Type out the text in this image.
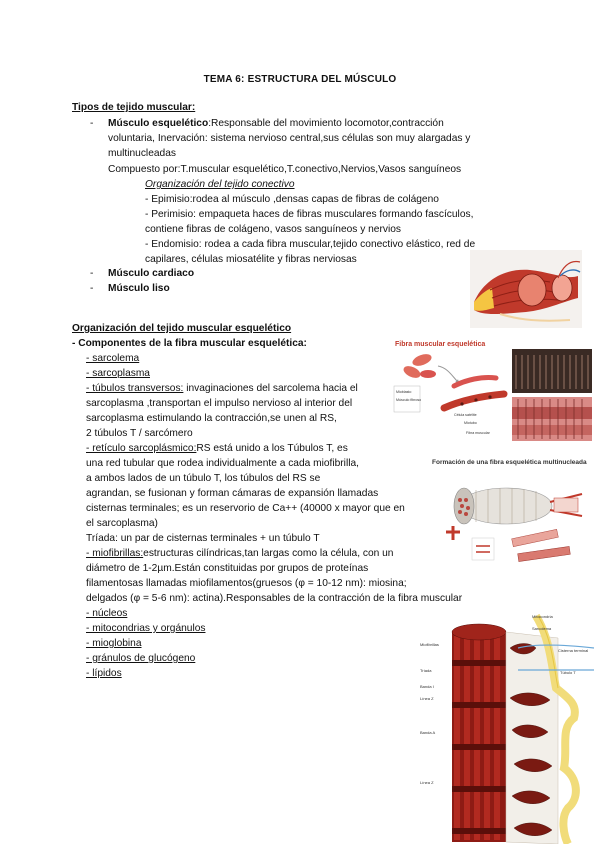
TEMA 6: ESTRUCTURA DEL MÚSCULO

Tipos de tejido muscular:

-	Músculo esquelético:Responsable del movimiento locomotor,contracción

voluntaria, Inervación: sistema nervioso central,sus células son muy alargadas y

multinucleadas

Compuesto por:T.muscular esquelético,T.conectivo,Nervios,Vasos sanguíneos

Organización del tejido conectivo

- Epimisio:rodea al músculo ,densas capas de fibras de colágeno

- Perimisio: empaqueta haces de fibras musculares formando fascículos,

contiene fibras de colágeno, vasos sanguíneos y nervios

- Endomisio: rodea a cada fibra muscular,tejido conectivo elástico, red de

capilares, células miosatélite y fibras nerviosas

-	Músculo cardiaco

-	Músculo liso

Organización del tejido muscular esquelético

- Componentes de la fibra muscular esquelética:

- sarcolema

- sarcoplasma

- túbulos transversos: invaginaciones del sarcolema hacia el

sarcoplasma ,transportan el impulso nervioso al interior del

sarcoplasma estimulando la contracción,se unen al RS,

2 túbulos T / sarcómero

- retículo sarcoplásmico:RS está unido a los Túbulos T, es

una red tubular que rodea individualmente a cada miofibrilla,

a ambos lados de un túbulo T, los túbulos del RS se

agrandan, se fusionan y forman cámaras de expansión llamadas

cisternas terminales; es un reservorio de Ca++ (40000 x mayor que en

el sarcoplasma)

Tríada: un par de cisternas terminales + un túbulo T

- miofibrillas:estructuras cilíndricas,tan largas como la célula, con un

diámetro de 1-2µm.Están constituidas por grupos de proteínas

filamentosas llamadas miofilamentos(gruesos (φ = 10-12 nm): miosina;

delgados (φ = 5-6 nm): actina).Responsables de la contracción de la fibra muscular

- núcleos

- mitocondrias y orgánulos

- mioglobina

- gránulos de glucógeno

- lípidos

Fibra muscular esquelética
Mioblasto
Músculo fibroso
Célula satélite
Miotubo
Fibra muscular
Formación de una fibra esquelética multinucleada
Miofibrillas
Tríada
Banda I
Línea Z
Banda A
Línea Z
Mitocondria
Sarcolema
Cisterna terminal
Túbulo T
